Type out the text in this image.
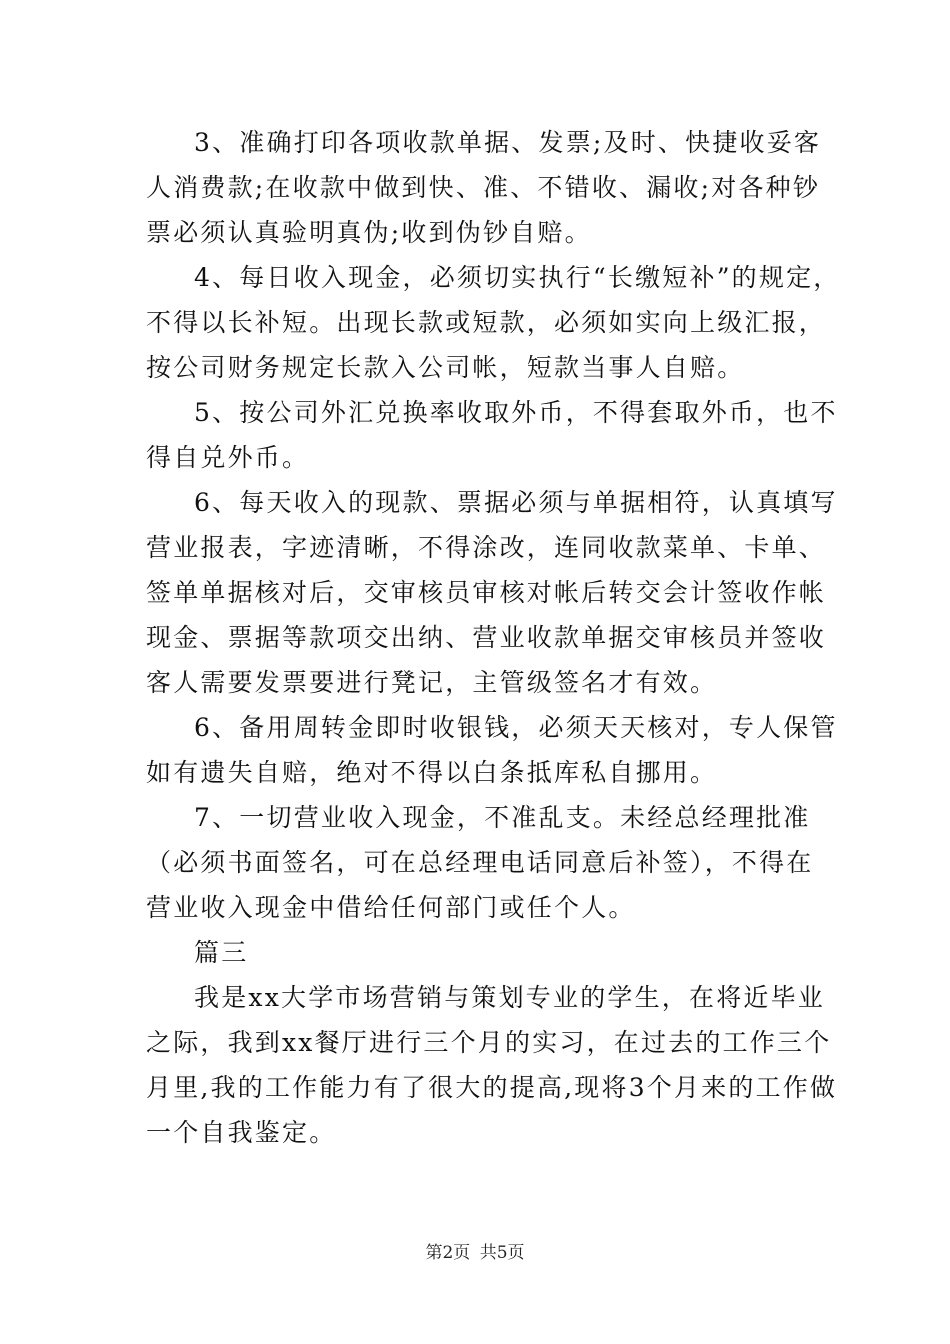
3、准确打印各项收款单据、发票;及时、快捷收妥客
人消费款;在收款中做到快、准、不错收、漏收;对各种钞
票必须认真验明真伪;收到伪钞自赔。
4、每日收入现金，必须切实执行“长缴短补”的规定，
不得以长补短。出现长款或短款，必须如实向上级汇报，
按公司财务规定长款入公司帐，短款当事人自赔。
5、按公司外汇兑换率收取外币，不得套取外币，也不
得自兑外币。
6、每天收入的现款、票据必须与单据相符，认真填写
营业报表，字迹清晰，不得涂改，连同收款菜单、卡单、
签单单据核对后，交审核员审核对帐后转交会计签收作帐
现金、票据等款项交出纳、营业收款单据交审核员并签收
客人需要发票要进行凳记，主管级签名才有效。
6、备用周转金即时收银钱，必须天天核对，专人保管
如有遗失自赔，绝对不得以白条抵库私自挪用。
7、一切营业收入现金，不准乱支。未经总经理批准
（必须书面签名，可在总经理电话同意后补签），不得在
营业收入现金中借给任何部门或任个人。
篇三
我是xx大学市场营销与策划专业的学生，在将近毕业
之际，我到xx餐厅进行三个月的实习，在过去的工作三个
月里,我的工作能力有了很大的提高,现将3个月来的工作做
一个自我鉴定。
第2页 共5页
